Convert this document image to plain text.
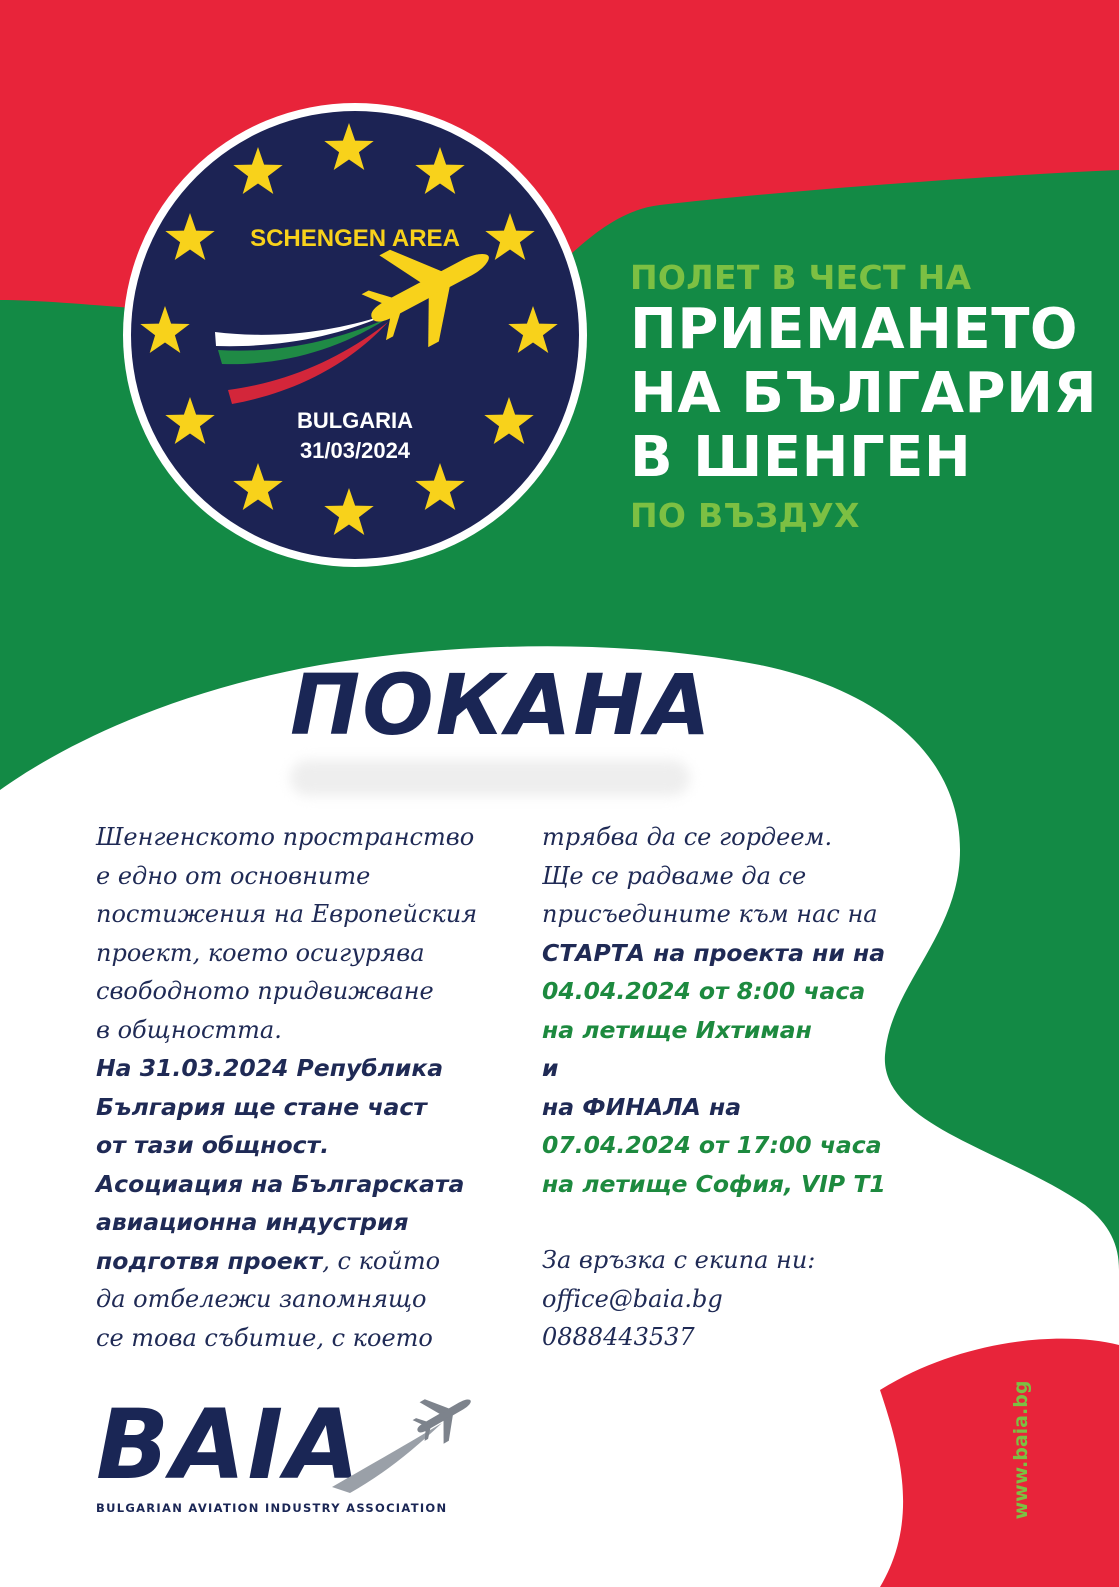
SCHENGEN AREA
BULGARIA
31/03/2024
ПОЛЕТ В ЧЕСТ НА
ПРИЕМАНЕТО
НА БЪЛГАРИЯ
В ШЕНГЕН
ПО ВЪЗДУХ
ПОКАНА
Шенгенското пространство
е едно от основните
постижения на Европейския
проект, което осигурява
свободното придвижване
в общността.
На 31.03.2024 Република
България ще стане част
от тази общност.
Асоциация на Българската
авиационна индустрия
подготвя проект, с който
да отбележи запомнящо
се това събитие, с което
трябва да се гордеем.
Ще се радваме да се
присъедините към нас на
СТАРТА на проекта ни на
04.04.2024 от 8:00 часа
на летище Ихтиман
и
на ФИНАЛА на
07.04.2024 от 17:00 часа
на летище София, VIP T1
За връзка с екипа ни:
office@baia.bg
0888443537
BAIA
BULGARIAN AVIATION INDUSTRY ASSOCIATION	www.baia.bg
